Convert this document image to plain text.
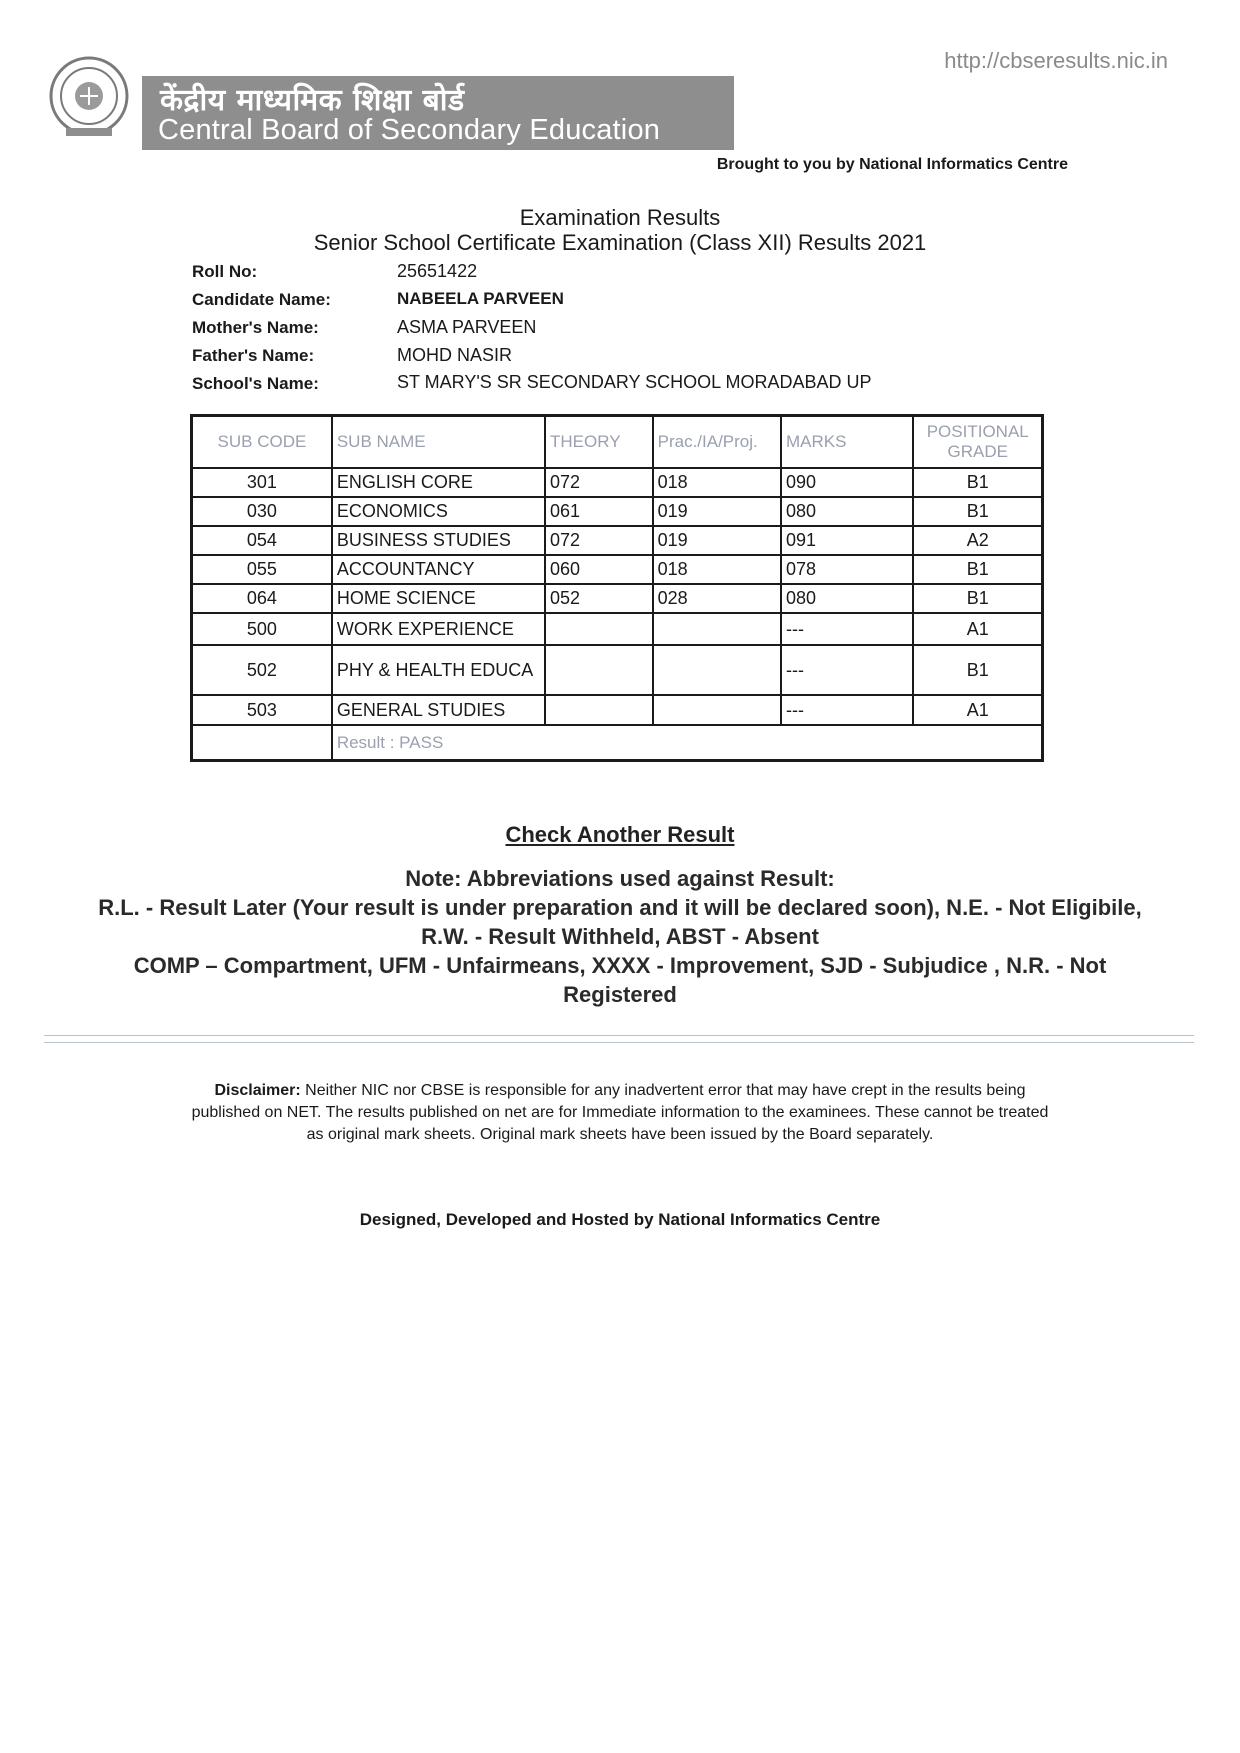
केंद्रीय माध्यमिक शिक्षा बोर्ड
Central Board of Secondary Education
http://cbseresults.nic.in
Brought to you by National Informatics Centre
Examination Results
Senior School Certificate Examination (Class XII) Results 2021
Roll No:	25651422
Candidate Name:	NABEELA PARVEEN
Mother's Name:	ASMA PARVEEN
Father's Name:	MOHD NASIR
School's Name:	ST MARY'S SR SECONDARY SCHOOL MORADABAD UP
SUB CODE	SUB NAME	THEORY	Prac./IA/Proj.	MARKS	POSITIONAL GRADE
301	ENGLISH CORE	072	018	090	B1
030	ECONOMICS	061	019	080	B1
054	BUSINESS STUDIES	072	019	091	A2
055	ACCOUNTANCY	060	018	078	B1
064	HOME SCIENCE	052	028	080	B1
500	WORK EXPERIENCE			---	A1
502	PHY & HEALTH EDUCA			---	B1
503	GENERAL STUDIES			---	A1
	Result : PASS				
Check Another Result
Note: Abbreviations used against Result:
R.L. - Result Later (Your result is under preparation and it will be declared soon), N.E. - Not Eligibile,
R.W. - Result Withheld, ABST - Absent
COMP – Compartment, UFM - Unfairmeans, XXXX - Improvement, SJD - Subjudice , N.R. - Not
Registered
Disclaimer: Neither NIC nor CBSE is responsible for any inadvertent error that may have crept in the results being published on NET. The results published on net are for Immediate information to the examinees. These cannot be treated as original mark sheets. Original mark sheets have been issued by the Board separately.
Designed, Developed and Hosted by National Informatics Centre
